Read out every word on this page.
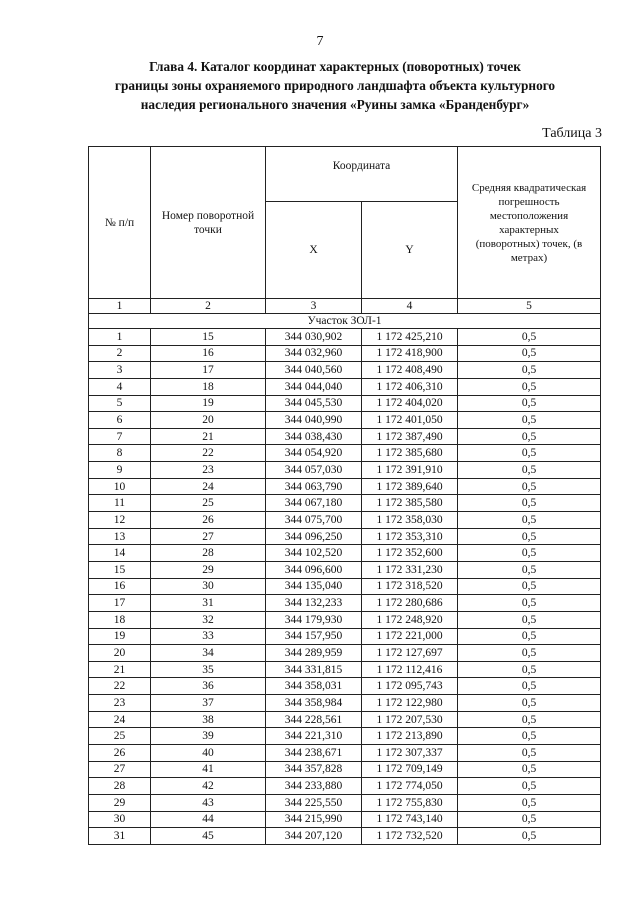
7
Глава 4. Каталог координат характерных (поворотных) точек
границы зоны охраняемого природного ландшафта объекта культурного
наследия регионального значения «Руины замка «Бранденбург»
Таблица 3
№ п/п	Номер поворотной точки	Координата		Средняя квадратическая погрешность местоположения характерных (поворотных) точек, (в метрах)
		X	Y	
1	2	3	4	5
Участок ЗОЛ-1				
1	15	344 030,902	1 172 425,210	0,5
2	16	344 032,960	1 172 418,900	0,5
3	17	344 040,560	1 172 408,490	0,5
4	18	344 044,040	1 172 406,310	0,5
5	19	344 045,530	1 172 404,020	0,5
6	20	344 040,990	1 172 401,050	0,5
7	21	344 038,430	1 172 387,490	0,5
8	22	344 054,920	1 172 385,680	0,5
9	23	344 057,030	1 172 391,910	0,5
10	24	344 063,790	1 172 389,640	0,5
11	25	344 067,180	1 172 385,580	0,5
12	26	344 075,700	1 172 358,030	0,5
13	27	344 096,250	1 172 353,310	0,5
14	28	344 102,520	1 172 352,600	0,5
15	29	344 096,600	1 172 331,230	0,5
16	30	344 135,040	1 172 318,520	0,5
17	31	344 132,233	1 172 280,686	0,5
18	32	344 179,930	1 172 248,920	0,5
19	33	344 157,950	1 172 221,000	0,5
20	34	344 289,959	1 172 127,697	0,5
21	35	344 331,815	1 172 112,416	0,5
22	36	344 358,031	1 172 095,743	0,5
23	37	344 358,984	1 172 122,980	0,5
24	38	344 228,561	1 172 207,530	0,5
25	39	344 221,310	1 172 213,890	0,5
26	40	344 238,671	1 172 307,337	0,5
27	41	344 357,828	1 172 709,149	0,5
28	42	344 233,880	1 172 774,050	0,5
29	43	344 225,550	1 172 755,830	0,5
30	44	344 215,990	1 172 743,140	0,5
31	45	344 207,120	1 172 732,520	0,5
